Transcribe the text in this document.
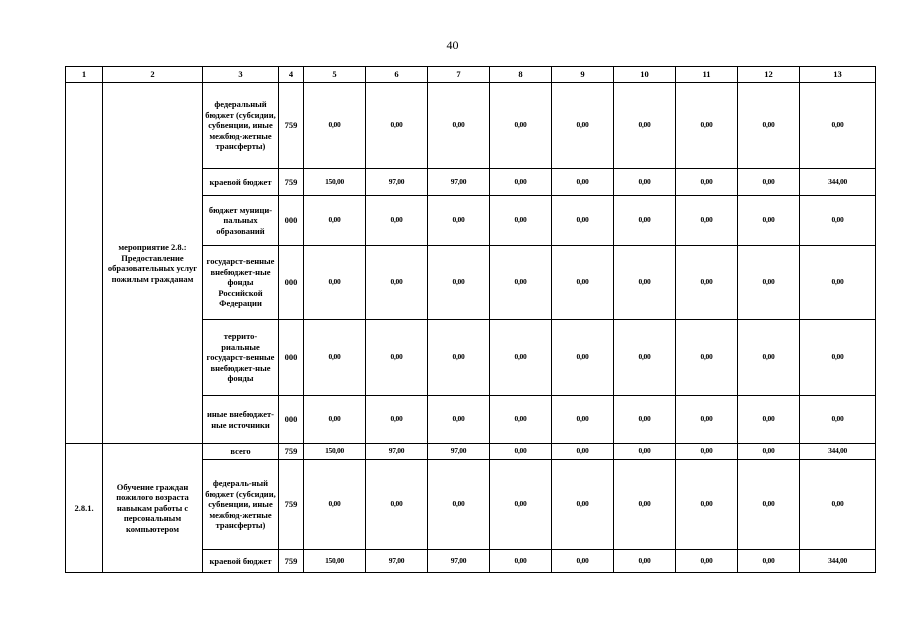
40
1	2	3	4	5	6	7	8	9	10	11	12	13
	мероприятие 2.8.: Предоставление образовательных услуг пожилым гражданам	федеральный бюджет (субсидии, субвенции, иные межбюд-жетные трансферты)	759	0,00	0,00	0,00	0,00	0,00	0,00	0,00	0,00	0,00
		краевой бюджет	759	150,00	97,00	97,00	0,00	0,00	0,00	0,00	0,00	344,00
		бюджет муници-пальных образований	000	0,00	0,00	0,00	0,00	0,00	0,00	0,00	0,00	0,00
		государст-венные внебюджет-ные фонды Российской Федерации	000	0,00	0,00	0,00	0,00	0,00	0,00	0,00	0,00	0,00
		террито-риальные государст-венные внебюджет-ные фонды	000	0,00	0,00	0,00	0,00	0,00	0,00	0,00	0,00	0,00
		иные внебюджет-ные источники	000	0,00	0,00	0,00	0,00	0,00	0,00	0,00	0,00	0,00
2.8.1.	Обучение граждан пожилого возраста навыкам работы с персональным компьютером	всего	759	150,00	97,00	97,00	0,00	0,00	0,00	0,00	0,00	344,00
		федераль-ный бюджет (субсидии, субвенции, иные межбюд-жетные трансферты)	759	0,00	0,00	0,00	0,00	0,00	0,00	0,00	0,00	0,00
		краевой бюджет	759	150,00	97,00	97,00	0,00	0,00	0,00	0,00	0,00	344,00
